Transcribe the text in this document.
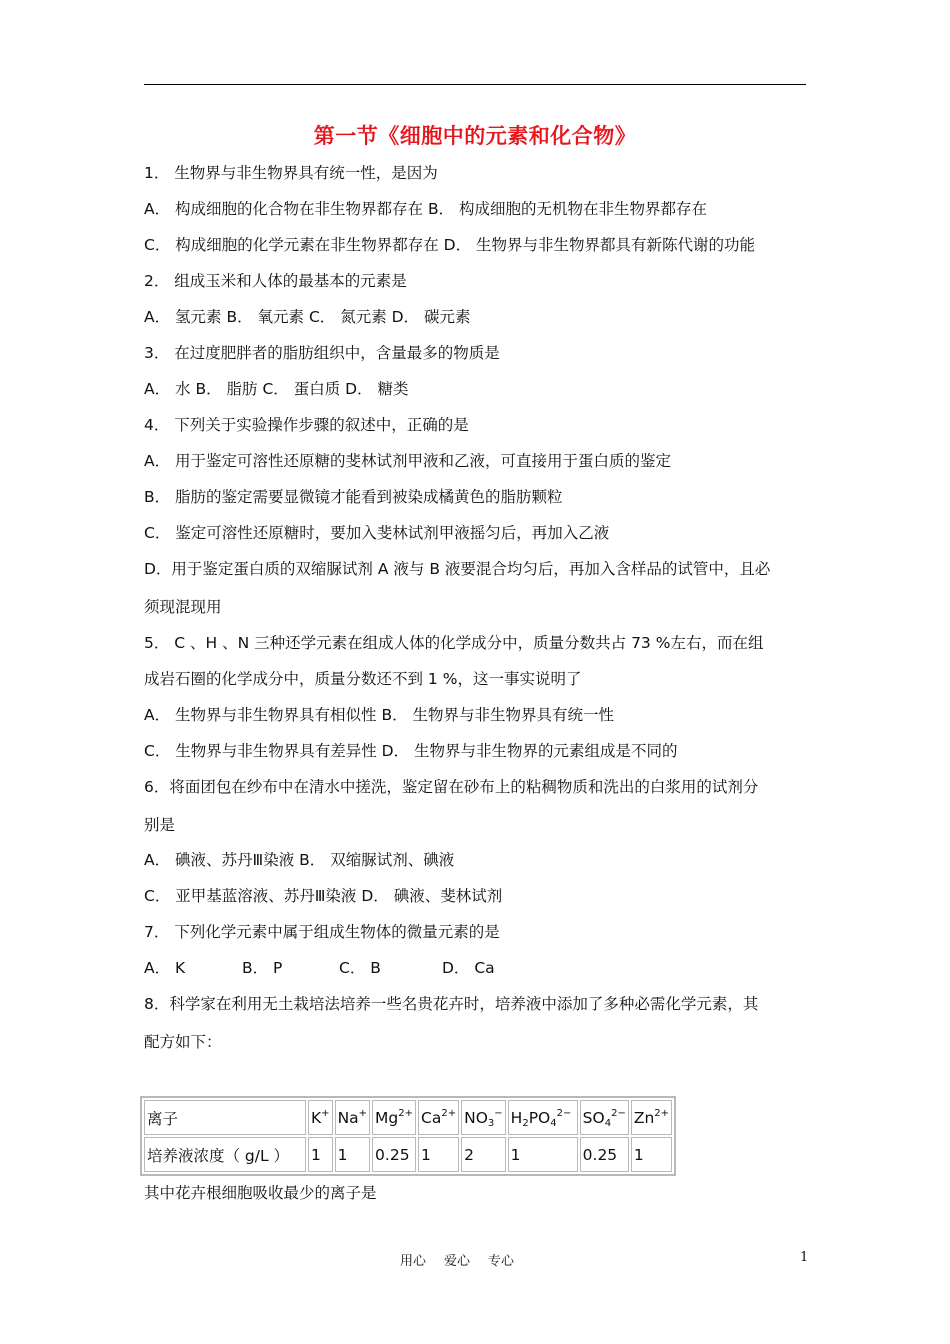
第一节《细胞中的元素和化合物》
1． 生物界与非生物界具有统一性，是因为
A． 构成细胞的化合物在非生物界都存在 B． 构成细胞的无机物在非生物界都存在
C． 构成细胞的化学元素在非生物界都存在 D． 生物界与非生物界都具有新陈代谢的功能
2． 组成玉米和人体的最基本的元素是
A． 氢元素 B． 氧元素 C． 氮元素 D． 碳元素
3． 在过度肥胖者的脂肪组织中，含量最多的物质是
A． 水 B． 脂肪 C． 蛋白质 D． 糖类
4． 下列关于实验操作步骤的叙述中，正确的是
A． 用于鉴定可溶性还原糖的斐林试剂甲液和乙液，可直接用于蛋白质的鉴定
B． 脂肪的鉴定需要显微镜才能看到被染成橘黄色的脂肪颗粒
C． 鉴定可溶性还原糖时，要加入斐林试剂甲液摇匀后，再加入乙液
D．用于鉴定蛋白质的双缩脲试剂 A 液与 B 液要混合均匀后，再加入含样品的试管中，且必
须现混现用
5． C 、H 、N 三种还学元素在组成人体的化学成分中，质量分数共占 73 %左右，而在组
成岩石圈的化学成分中，质量分数还不到 1 %，这一事实说明了
A． 生物界与非生物界具有相似性 B． 生物界与非生物界具有统一性
C． 生物界与非生物界具有差异性 D． 生物界与非生物界的元素组成是不同的
6．将面团包在纱布中在清水中搓洗，鉴定留在砂布上的粘稠物质和洗出的白浆用的试剂分
别是
A． 碘液、苏丹Ⅲ染液 B． 双缩脲试剂、碘液
C． 亚甲基蓝溶液、苏丹Ⅲ染液 D． 碘液、斐林试剂
7． 下列化学元素中属于组成生物体的微量元素的是
A． K	B． P	C． B	D． Ca
8．科学家在利用无土栽培法培养一些名贵花卉时，培养液中添加了多种必需化学元素，其
配方如下：
离子	K+	Na+	$Mg^{2+}$	$Ca^{2+}$	$NO_3^-$	$H_2PO_4^{2-}$	$SO_4^{2-}$	$Zn^{2+}$
培养液浓度（ g/L ）	1	1	0.25	1	2	1	0.25	1
其中花卉根细胞吸收最少的离子是
用心 爱心 专心	1
